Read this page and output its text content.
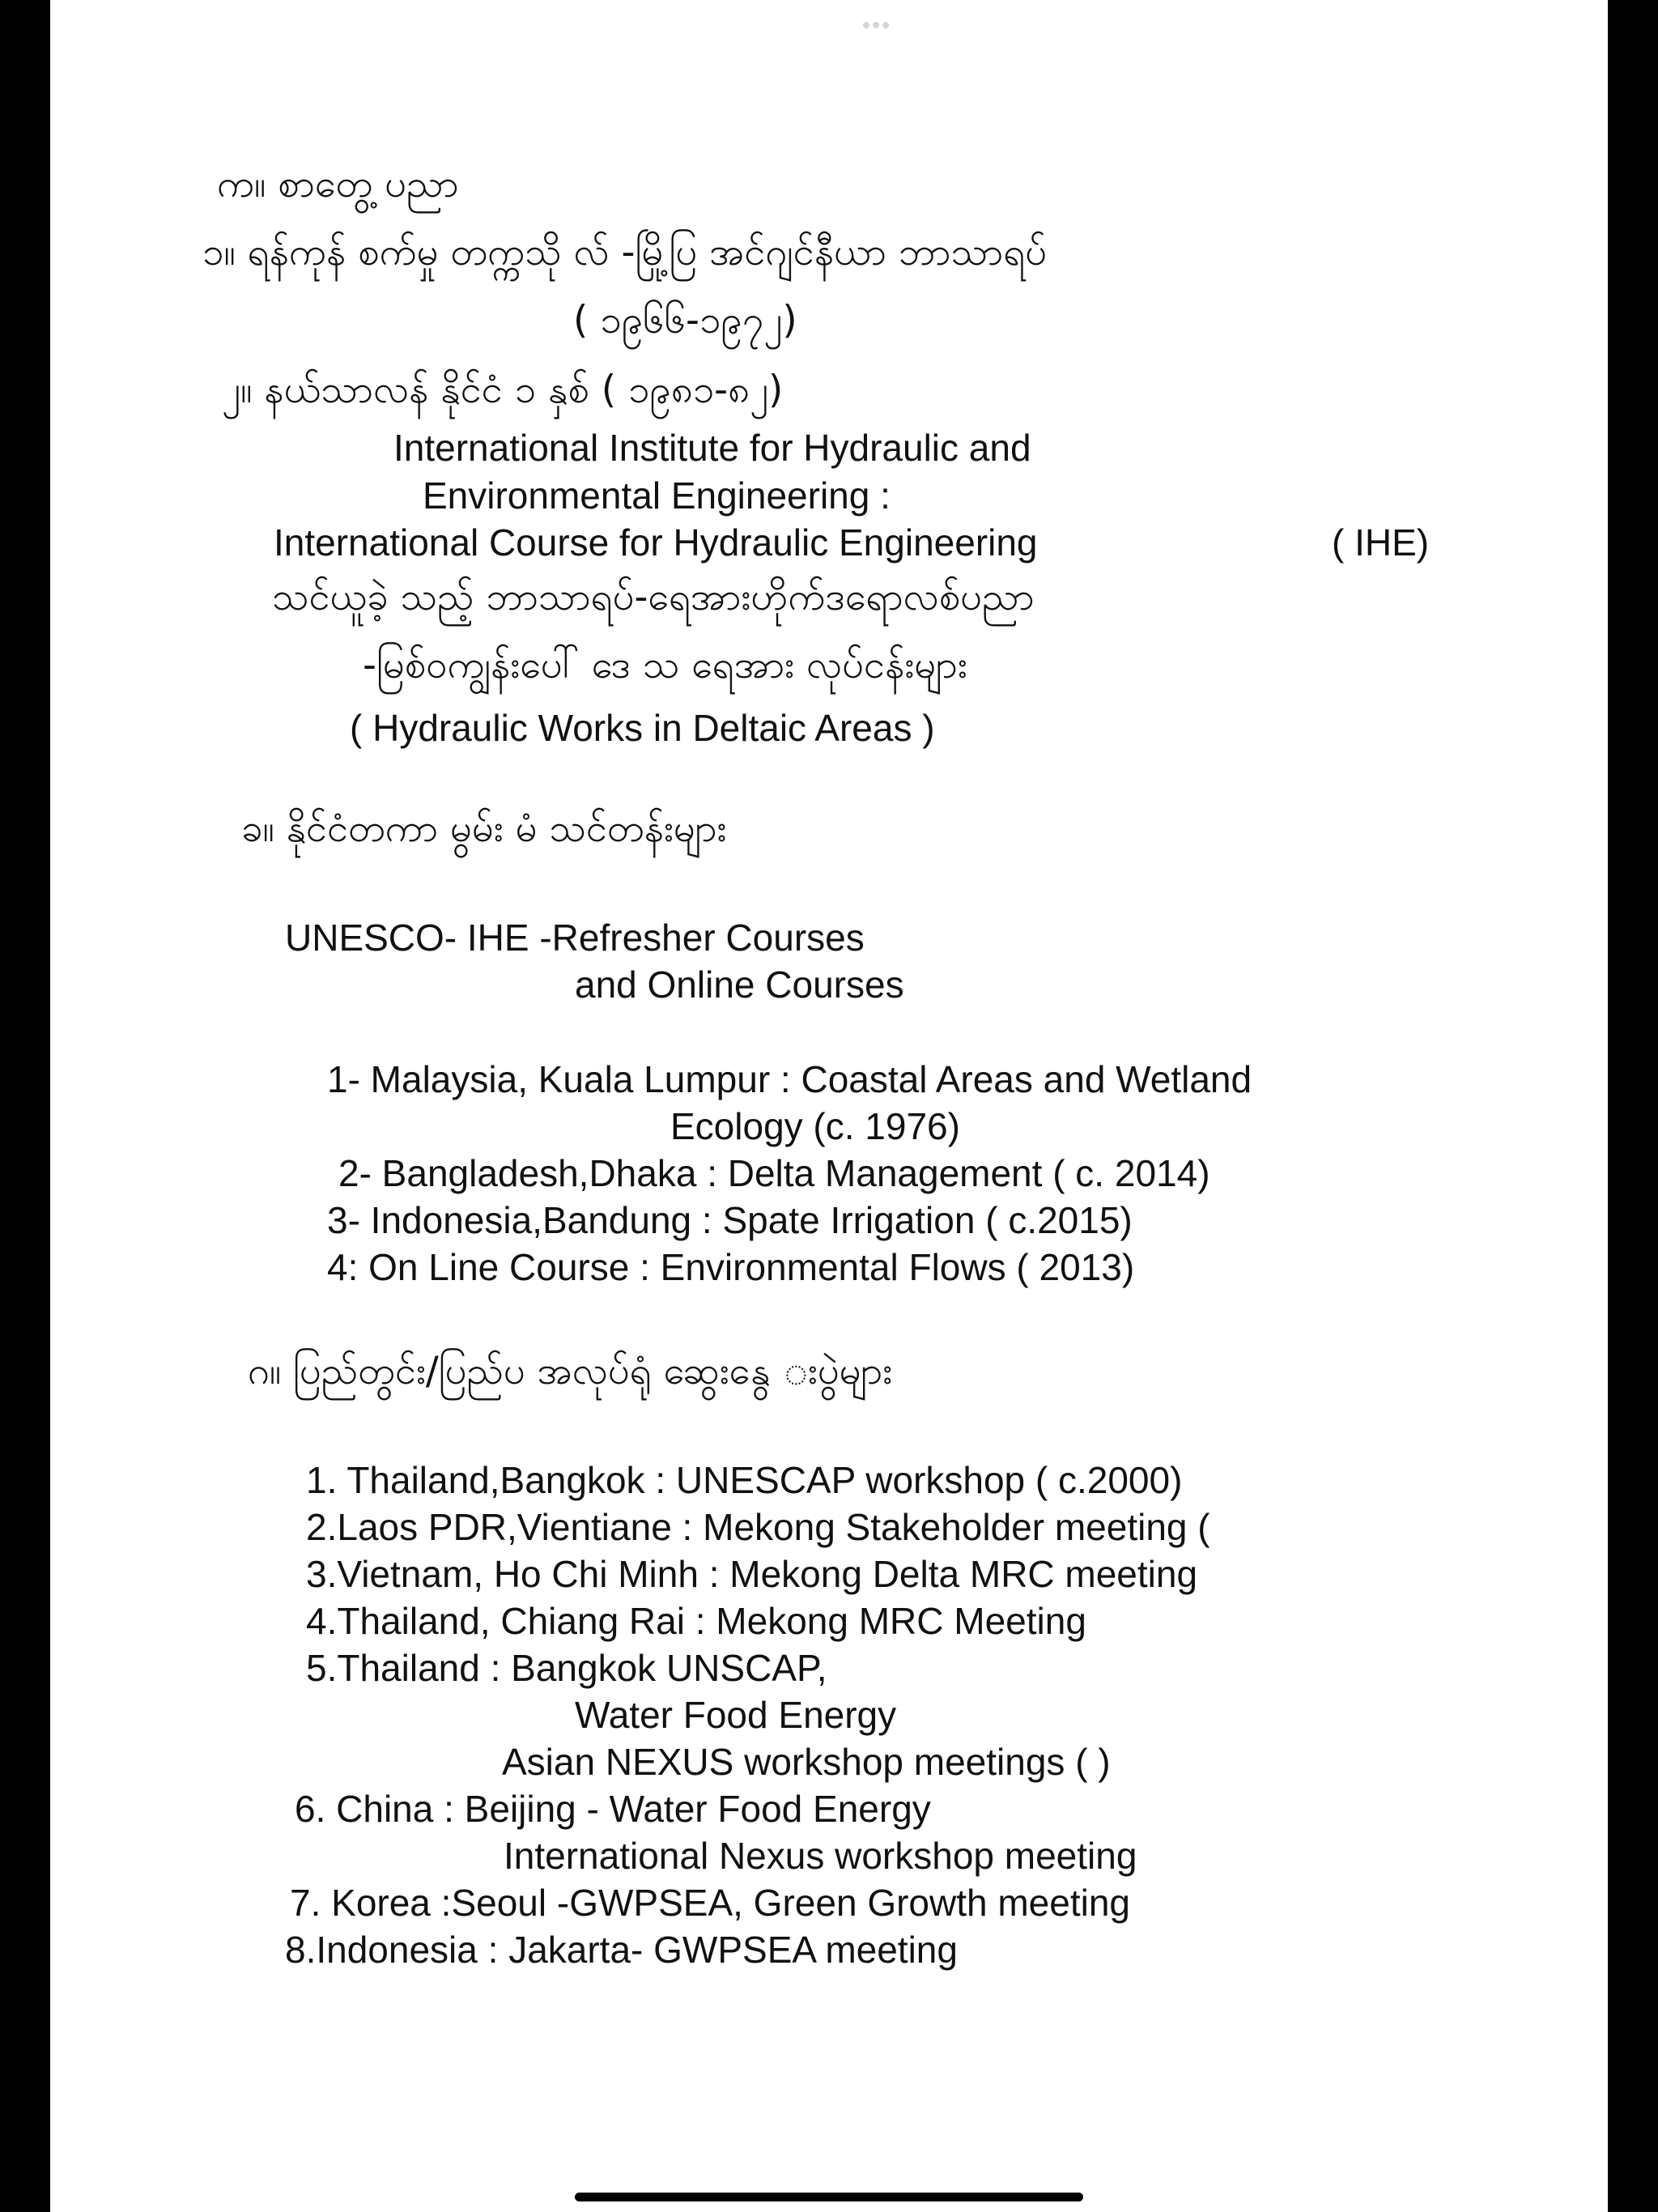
က။ စာတွေ့ ပညာ
၁။ ရန်ကုန် စက်မှု တက္ကသို လ် -မြို့ပြ အင်ဂျင်နီယာ ဘာသာရပ်
( ၁၉၆၆-၁၉၇၂)
၂။ နယ်သာလန် နိုင်ငံ ၁ နှစ် ( ၁၉၈၁-၈၂)
International Institute for Hydraulic and
Environmental Engineering :
International Course for Hydraulic Engineering	( IHE)
သင်ယူခဲ့ သည့် ဘာသာရပ်-ရေအားဟိုက်ဒရောလစ်ပညာ
-မြစ်ဝကျွန်းပေါ် ဒေ သ ရေအား လုပ်ငန်းများ
( Hydraulic Works in Deltaic Areas )
ခ။ နိုင်ငံတကာ မွမ်း မံ သင်တန်းများ
UNESCO- IHE -Refresher Courses
and Online Courses
1- Malaysia, Kuala Lumpur : Coastal Areas and Wetland
Ecology (c. 1976)
2- Bangladesh,Dhaka : Delta Management ( c. 2014)
3- Indonesia,Bandung : Spate Irrigation ( c.2015)
4: On Line Course : Environmental Flows ( 2013)
ဂ။ ပြည်တွင်း/ပြည်ပ အလုပ်ရုံ ဆွေးနွေ းပွဲများ
1. Thailand,Bangkok : UNESCAP workshop ( c.2000)
2.Laos PDR,Vientiane : Mekong Stakeholder meeting (
3.Vietnam, Ho Chi Minh : Mekong Delta MRC meeting
4.Thailand, Chiang Rai : Mekong MRC Meeting
5.Thailand : Bangkok UNSCAP,
Water Food Energy
Asian NEXUS workshop meetings ( )
6. China : Beijing - Water Food Energy
International Nexus workshop meeting
7. Korea :Seoul -GWPSEA, Green Growth meeting
8.Indonesia : Jakarta- GWPSEA meeting
